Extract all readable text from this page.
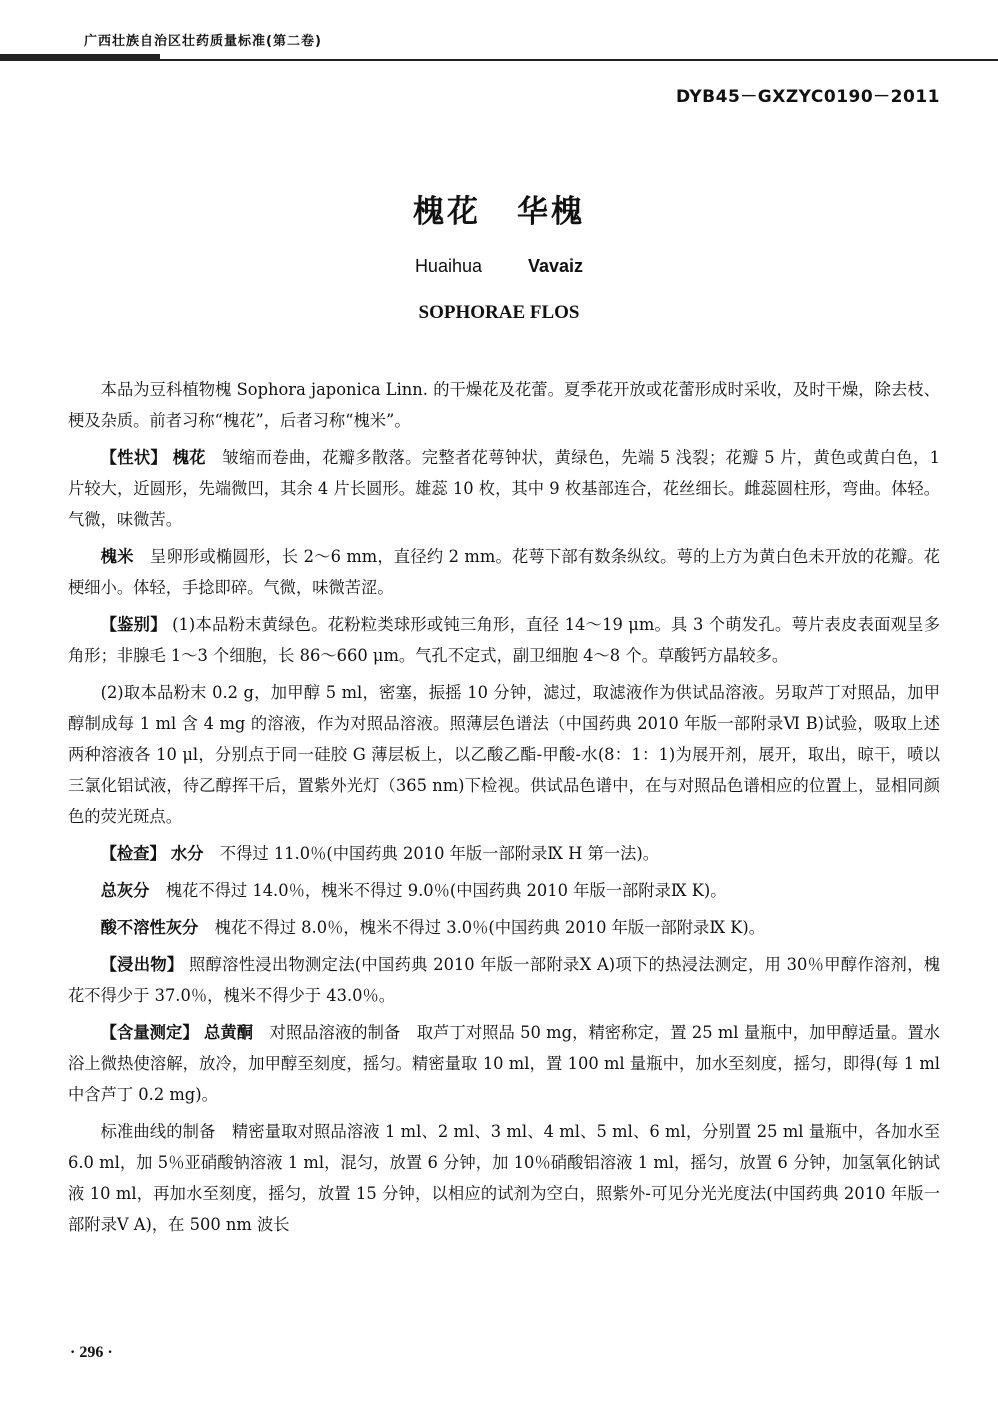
广西壮族自治区壮药质量标准(第二卷)
DYB45－GXZYC0190－2011
槐花 华槐
Huaihua	Vavaiz
SOPHORAE FLOS

本品为豆科植物槐 Sophora japonica Linn. 的干燥花及花蕾。夏季花开放或花蕾形成时采收，及时干燥，除去枝、梗及杂质。前者习称“槐花”，后者习称“槐米”。

【性状】 槐花　 皱缩而卷曲，花瓣多散落。完整者花萼钟状，黄绿色，先端 5 浅裂；花瓣 5 片，黄色或黄白色，1 片较大，近圆形，先端微凹，其余 4 片长圆形。雄蕊 10 枚，其中 9 枚基部连合，花丝细长。雌蕊圆柱形，弯曲。体轻。气微，味微苦。

槐米　 呈卵形或椭圆形，长 2～6 mm，直径约 2 mm。花萼下部有数条纵纹。萼的上方为黄白色未开放的花瓣。花梗细小。体轻，手捻即碎。气微，味微苦涩。

【鉴别】 (1)本品粉末黄绿色。花粉粒类球形或钝三角形，直径 14～19 μm。具 3 个萌发孔。萼片表皮表面观呈多角形；非腺毛 1～3 个细胞，长 86～660 μm。气孔不定式，副卫细胞 4～8 个。草酸钙方晶较多。

(2)取本品粉末 0.2 g，加甲醇 5 ml，密塞，振摇 10 分钟，滤过，取滤液作为供试品溶液。另取芦丁对照品，加甲醇制成每 1 ml 含 4 mg 的溶液，作为对照品溶液。照薄层色谱法（中国药典 2010 年版一部附录Ⅵ B)试验，吸取上述两种溶液各 10 μl，分别点于同一硅胶 G 薄层板上，以乙酸乙酯-甲酸-水(8：1：1)为展开剂，展开，取出，晾干，喷以三氯化铝试液，待乙醇挥干后，置紫外光灯（365 nm)下检视。供试品色谱中，在与对照品色谱相应的位置上，显相同颜色的荧光斑点。

【检查】 水分　 不得过 11.0％(中国药典 2010 年版一部附录Ⅸ H 第一法)。

总灰分　 槐花不得过 14.0％，槐米不得过 9.0％(中国药典 2010 年版一部附录Ⅸ K)。

酸不溶性灰分　 槐花不得过 8.0％，槐米不得过 3.0％(中国药典 2010 年版一部附录Ⅸ K)。

【浸出物】 照醇溶性浸出物测定法(中国药典 2010 年版一部附录Ⅹ A)项下的热浸法测定，用 30％甲醇作溶剂，槐花不得少于 37.0％，槐米不得少于 43.0％。

【含量测定】 总黄酮　 对照品溶液的制备　取芦丁对照品 50 mg，精密称定，置 25 ml 量瓶中，加甲醇适量。置水浴上微热使溶解，放冷，加甲醇至刻度，摇匀。精密量取 10 ml，置 100 ml 量瓶中，加水至刻度，摇匀，即得(每 1 ml 中含芦丁 0.2 mg)。

标准曲线的制备　精密量取对照品溶液 1 ml、2 ml、3 ml、4 ml、5 ml、6 ml，分别置 25 ml 量瓶中，各加水至 6.0 ml，加 5％亚硝酸钠溶液 1 ml，混匀，放置 6 分钟，加 10％硝酸铝溶液 1 ml，摇匀，放置 6 分钟，加氢氧化钠试液 10 ml，再加水至刻度，摇匀，放置 15 分钟，以相应的试剂为空白，照紫外-可见分光光度法(中国药典 2010 年版一部附录Ⅴ A)，在 500 nm 波长

· 296 ·
